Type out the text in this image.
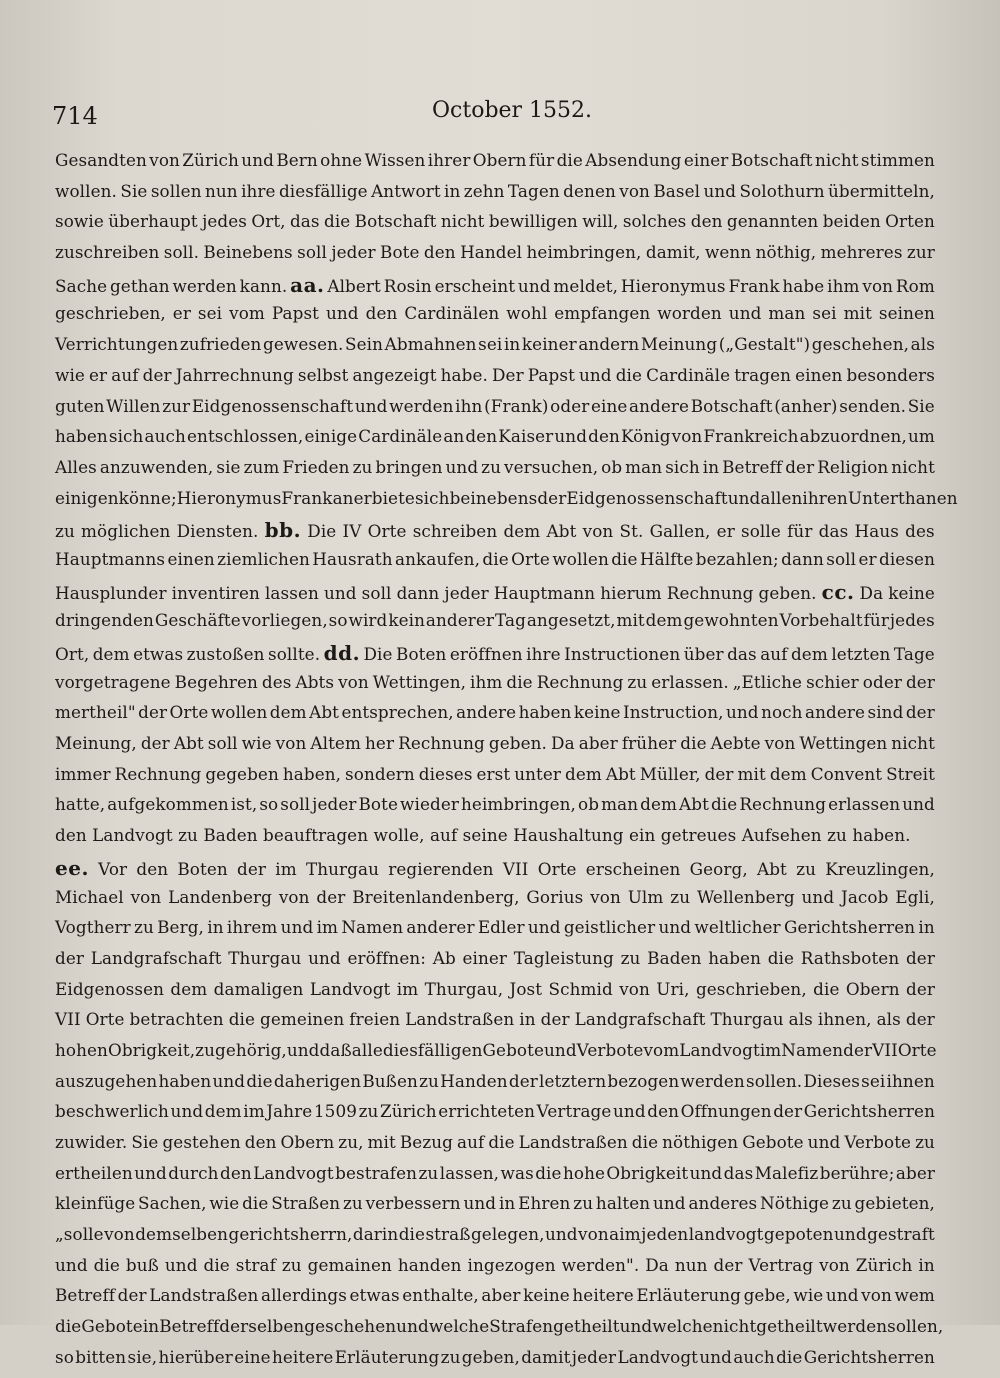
714	October 1552.
Gesandten von Zürich und Bern ohne Wissen ihrer Obern für die Absendung einer Botschaft nicht stimmen
wollen. Sie sollen nun ihre diesfällige Antwort in zehn Tagen denen von Basel und Solothurn übermitteln,
sowie überhaupt jedes Ort, das die Botschaft nicht bewilligen will, solches den genannten beiden Orten
zuschreiben soll. Beinebens soll jeder Bote den Handel heimbringen, damit, wenn nöthig, mehreres zur
Sache gethan werden kann. aa. Albert Rosin erscheint und meldet, Hieronymus Frank habe ihm von Rom
geschrieben, er sei vom Papst und den Cardinälen wohl empfangen worden und man sei mit seinen
Verrichtungen zufrieden gewesen. Sein Abmahnen sei in keiner andern Meinung („Gestalt") geschehen, als
wie er auf der Jahrrechnung selbst angezeigt habe. Der Papst und die Cardinäle tragen einen besonders
guten Willen zur Eidgenossenschaft und werden ihn (Frank) oder eine andere Botschaft (anher) senden. Sie
haben sich auch entschlossen, einige Cardinäle an den Kaiser und den König von Frankreich abzuordnen, um
Alles anzuwenden, sie zum Frieden zu bringen und zu versuchen, ob man sich in Betreff der Religion nicht
einigen könne; Hieronymus Frank anerbiete sich beinebens der Eidgenossenschaft und allen ihren Unterthanen
zu möglichen Diensten. bb. Die IV Orte schreiben dem Abt von St. Gallen, er solle für das Haus des
Hauptmanns einen ziemlichen Hausrath ankaufen, die Orte wollen die Hälfte bezahlen; dann soll er diesen
Hausplunder inventiren lassen und soll dann jeder Hauptmann hierum Rechnung geben. cc. Da keine
dringenden Geschäfte vorliegen, so wird kein anderer Tag angesetzt, mit dem gewohnten Vorbehalt für jedes
Ort, dem etwas zustoßen sollte. dd. Die Boten eröffnen ihre Instructionen über das auf dem letzten Tage
vorgetragene Begehren des Abts von Wettingen, ihm die Rechnung zu erlassen. „Etliche schier oder der
mertheil" der Orte wollen dem Abt entsprechen, andere haben keine Instruction, und noch andere sind der
Meinung, der Abt soll wie von Altem her Rechnung geben. Da aber früher die Aebte von Wettingen nicht
immer Rechnung gegeben haben, sondern dieses erst unter dem Abt Müller, der mit dem Convent Streit
hatte, aufgekommen ist, so soll jeder Bote wieder heimbringen, ob man dem Abt die Rechnung erlassen und
den Landvogt zu Baden beauftragen wolle, auf seine Haushaltung ein getreues Aufsehen zu haben.
ee. Vor den Boten der im Thurgau regierenden VII Orte erscheinen Georg, Abt zu Kreuzlingen,
Michael von Landenberg von der Breitenlandenberg, Gorius von Ulm zu Wellenberg und Jacob Egli,
Vogtherr zu Berg, in ihrem und im Namen anderer Edler und geistlicher und weltlicher Gerichtsherren in
der Landgrafschaft Thurgau und eröffnen: Ab einer Tagleistung zu Baden haben die Rathsboten der
Eidgenossen dem damaligen Landvogt im Thurgau, Jost Schmid von Uri, geschrieben, die Obern der
VII Orte betrachten die gemeinen freien Landstraßen in der Landgrafschaft Thurgau als ihnen, als der
hohen Obrigkeit, zugehörig, und daß alle diesfälligen Gebote und Verbote vom Landvogt im Namen der VII Orte
auszugehen haben und die daherigen Bußen zu Handen der letztern bezogen werden sollen. Dieses sei ihnen
beschwerlich und dem im Jahre 1509 zu Zürich errichteten Vertrage und den Offnungen der Gerichtsherren
zuwider. Sie gestehen den Obern zu, mit Bezug auf die Landstraßen die nöthigen Gebote und Verbote zu
ertheilen und durch den Landvogt bestrafen zu lassen, was die hohe Obrigkeit und das Malefiz berühre; aber
kleinfüge Sachen, wie die Straßen zu verbessern und in Ehren zu halten und anderes Nöthige zu gebieten,
„solle von demselben gerichtsherrn, darin die straß gelegen, und von aim jeden landvogt gepoten und gestraft
und die buß und die straf zu gemainen handen ingezogen werden". Da nun der Vertrag von Zürich in
Betreff der Landstraßen allerdings etwas enthalte, aber keine heitere Erläuterung gebe, wie und von wem
die Gebote in Betreff derselben geschehen und welche Strafen getheilt und welche nicht getheilt werden sollen,
so bitten sie, hierüber eine heitere Erläuterung zu geben, damit jeder Landvogt und auch die Gerichtsherren
